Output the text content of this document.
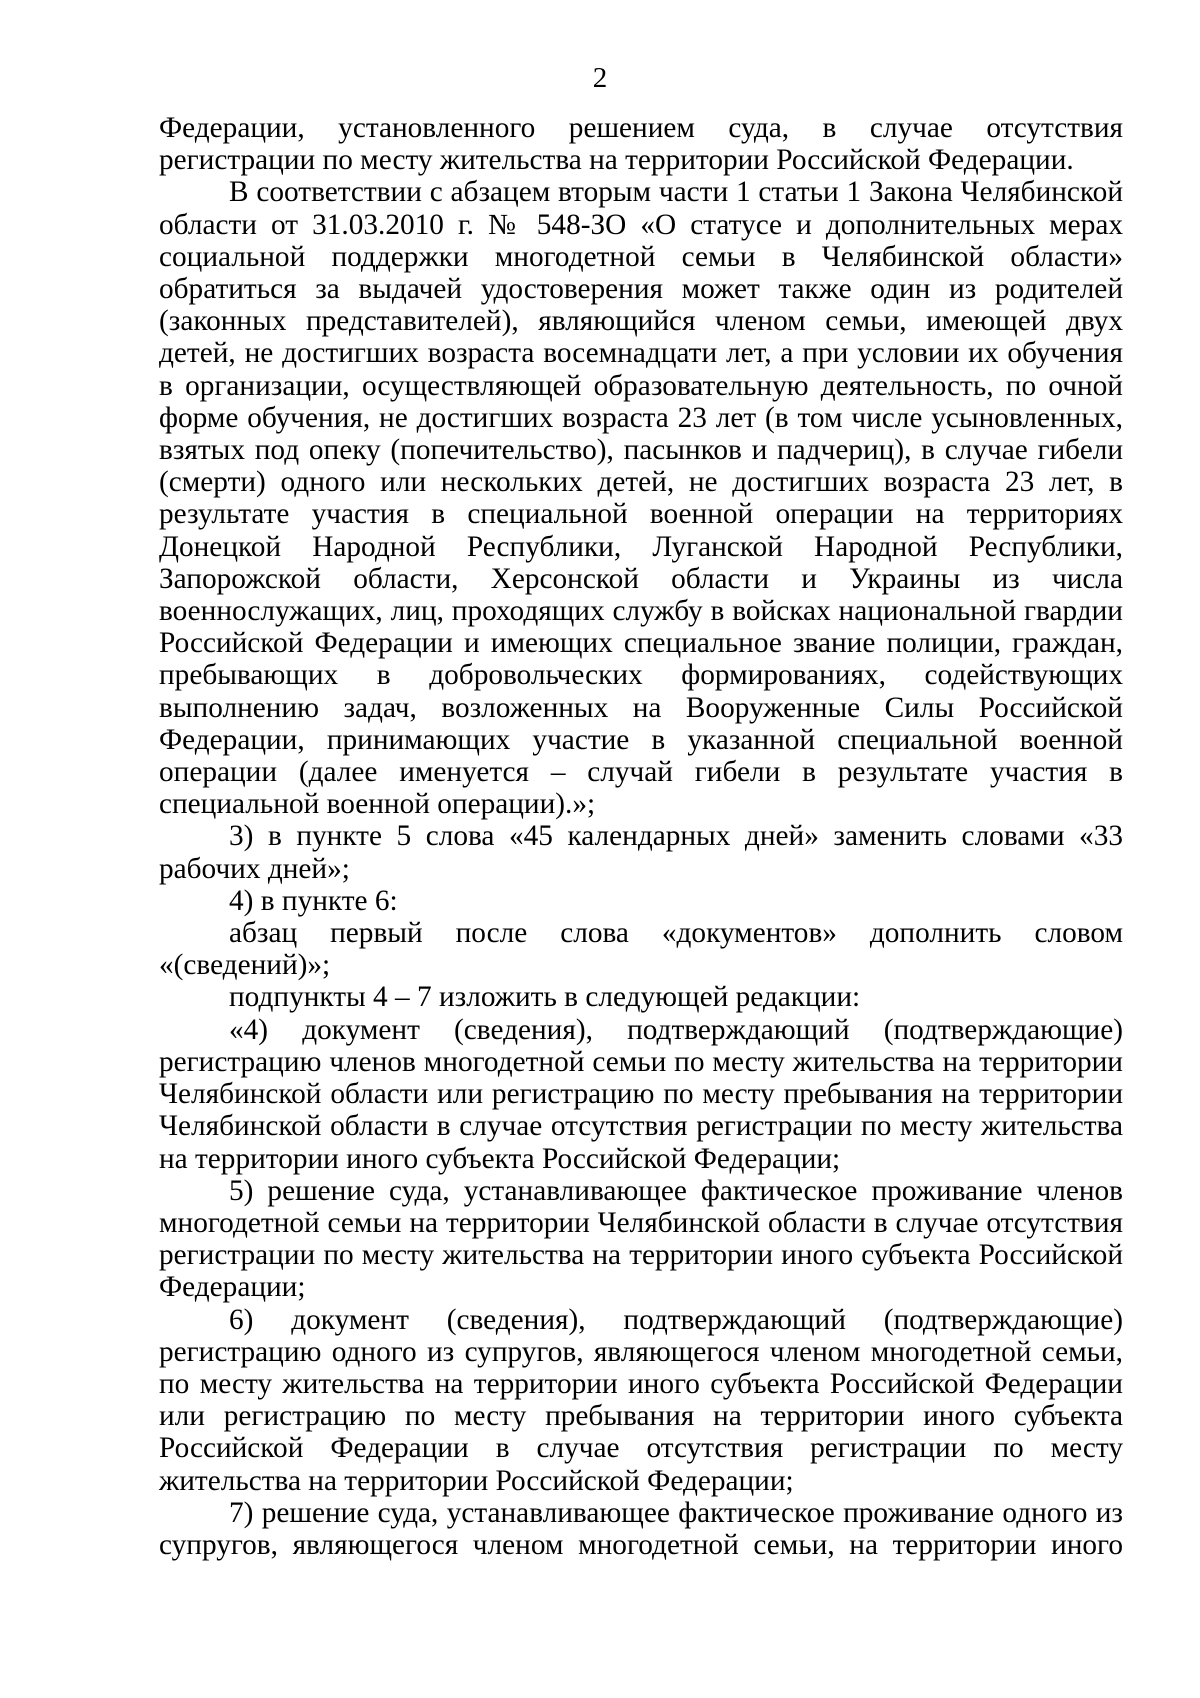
2

Федерации, установленного решением суда, в случае отсутствия регистрации по месту жительства на территории Российской Федерации.

В соответствии с абзацем вторым части 1 статьи 1 Закона Челябинской области от 31.03.2010 г. № 548-ЗО «О статусе и дополнительных мерах социальной поддержки многодетной семьи в Челябинской области» обратиться за выдачей удостоверения может также один из родителей (законных представителей), являющийся членом семьи, имеющей двух детей, не достигших возраста восемнадцати лет, а при условии их обучения в организации, осуществляющей образовательную деятельность, по очной форме обучения, не достигших возраста 23 лет (в том числе усыновленных, взятых под опеку (попечительство), пасынков и падчериц), в случае гибели (смерти) одного или нескольких детей, не достигших возраста 23 лет, в результате участия в специальной военной операции на территориях Донецкой Народной Республики, Луганской Народной Республики, Запорожской области, Херсонской области и Украины из числа военнослужащих, лиц, проходящих службу в войсках национальной гвардии Российской Федерации и имеющих специальное звание полиции, граждан, пребывающих в добровольческих формированиях, содействующих выполнению задач, возложенных на Вооруженные Силы Российской Федерации, принимающих участие в указанной специальной военной операции (далее именуется – случай гибели в результате участия в специальной военной операции).»;

3) в пункте 5 слова «45 календарных дней» заменить словами «33 рабочих дней»;

4) в пункте 6:

абзац первый после слова «документов» дополнить словом «(сведений)»;

подпункты 4 – 7 изложить в следующей редакции:

«4) документ (сведения), подтверждающий (подтверждающие) регистрацию членов многодетной семьи по месту жительства на территории Челябинской области или регистрацию по месту пребывания на территории Челябинской области в случае отсутствия регистрации по месту жительства на территории иного субъекта Российской Федерации;

5) решение суда, устанавливающее фактическое проживание членов многодетной семьи на территории Челябинской области в случае отсутствия регистрации по месту жительства на территории иного субъекта Российской Федерации;

6) документ (сведения), подтверждающий (подтверждающие) регистрацию одного из супругов, являющегося членом многодетной семьи, по месту жительства на территории иного субъекта Российской Федерации или регистрацию по месту пребывания на территории иного субъекта Российской Федерации в случае отсутствия регистрации по месту жительства на территории Российской Федерации;

7) решение суда, устанавливающее фактическое проживание одного из супругов, являющегося членом многодетной семьи, на территории иного
